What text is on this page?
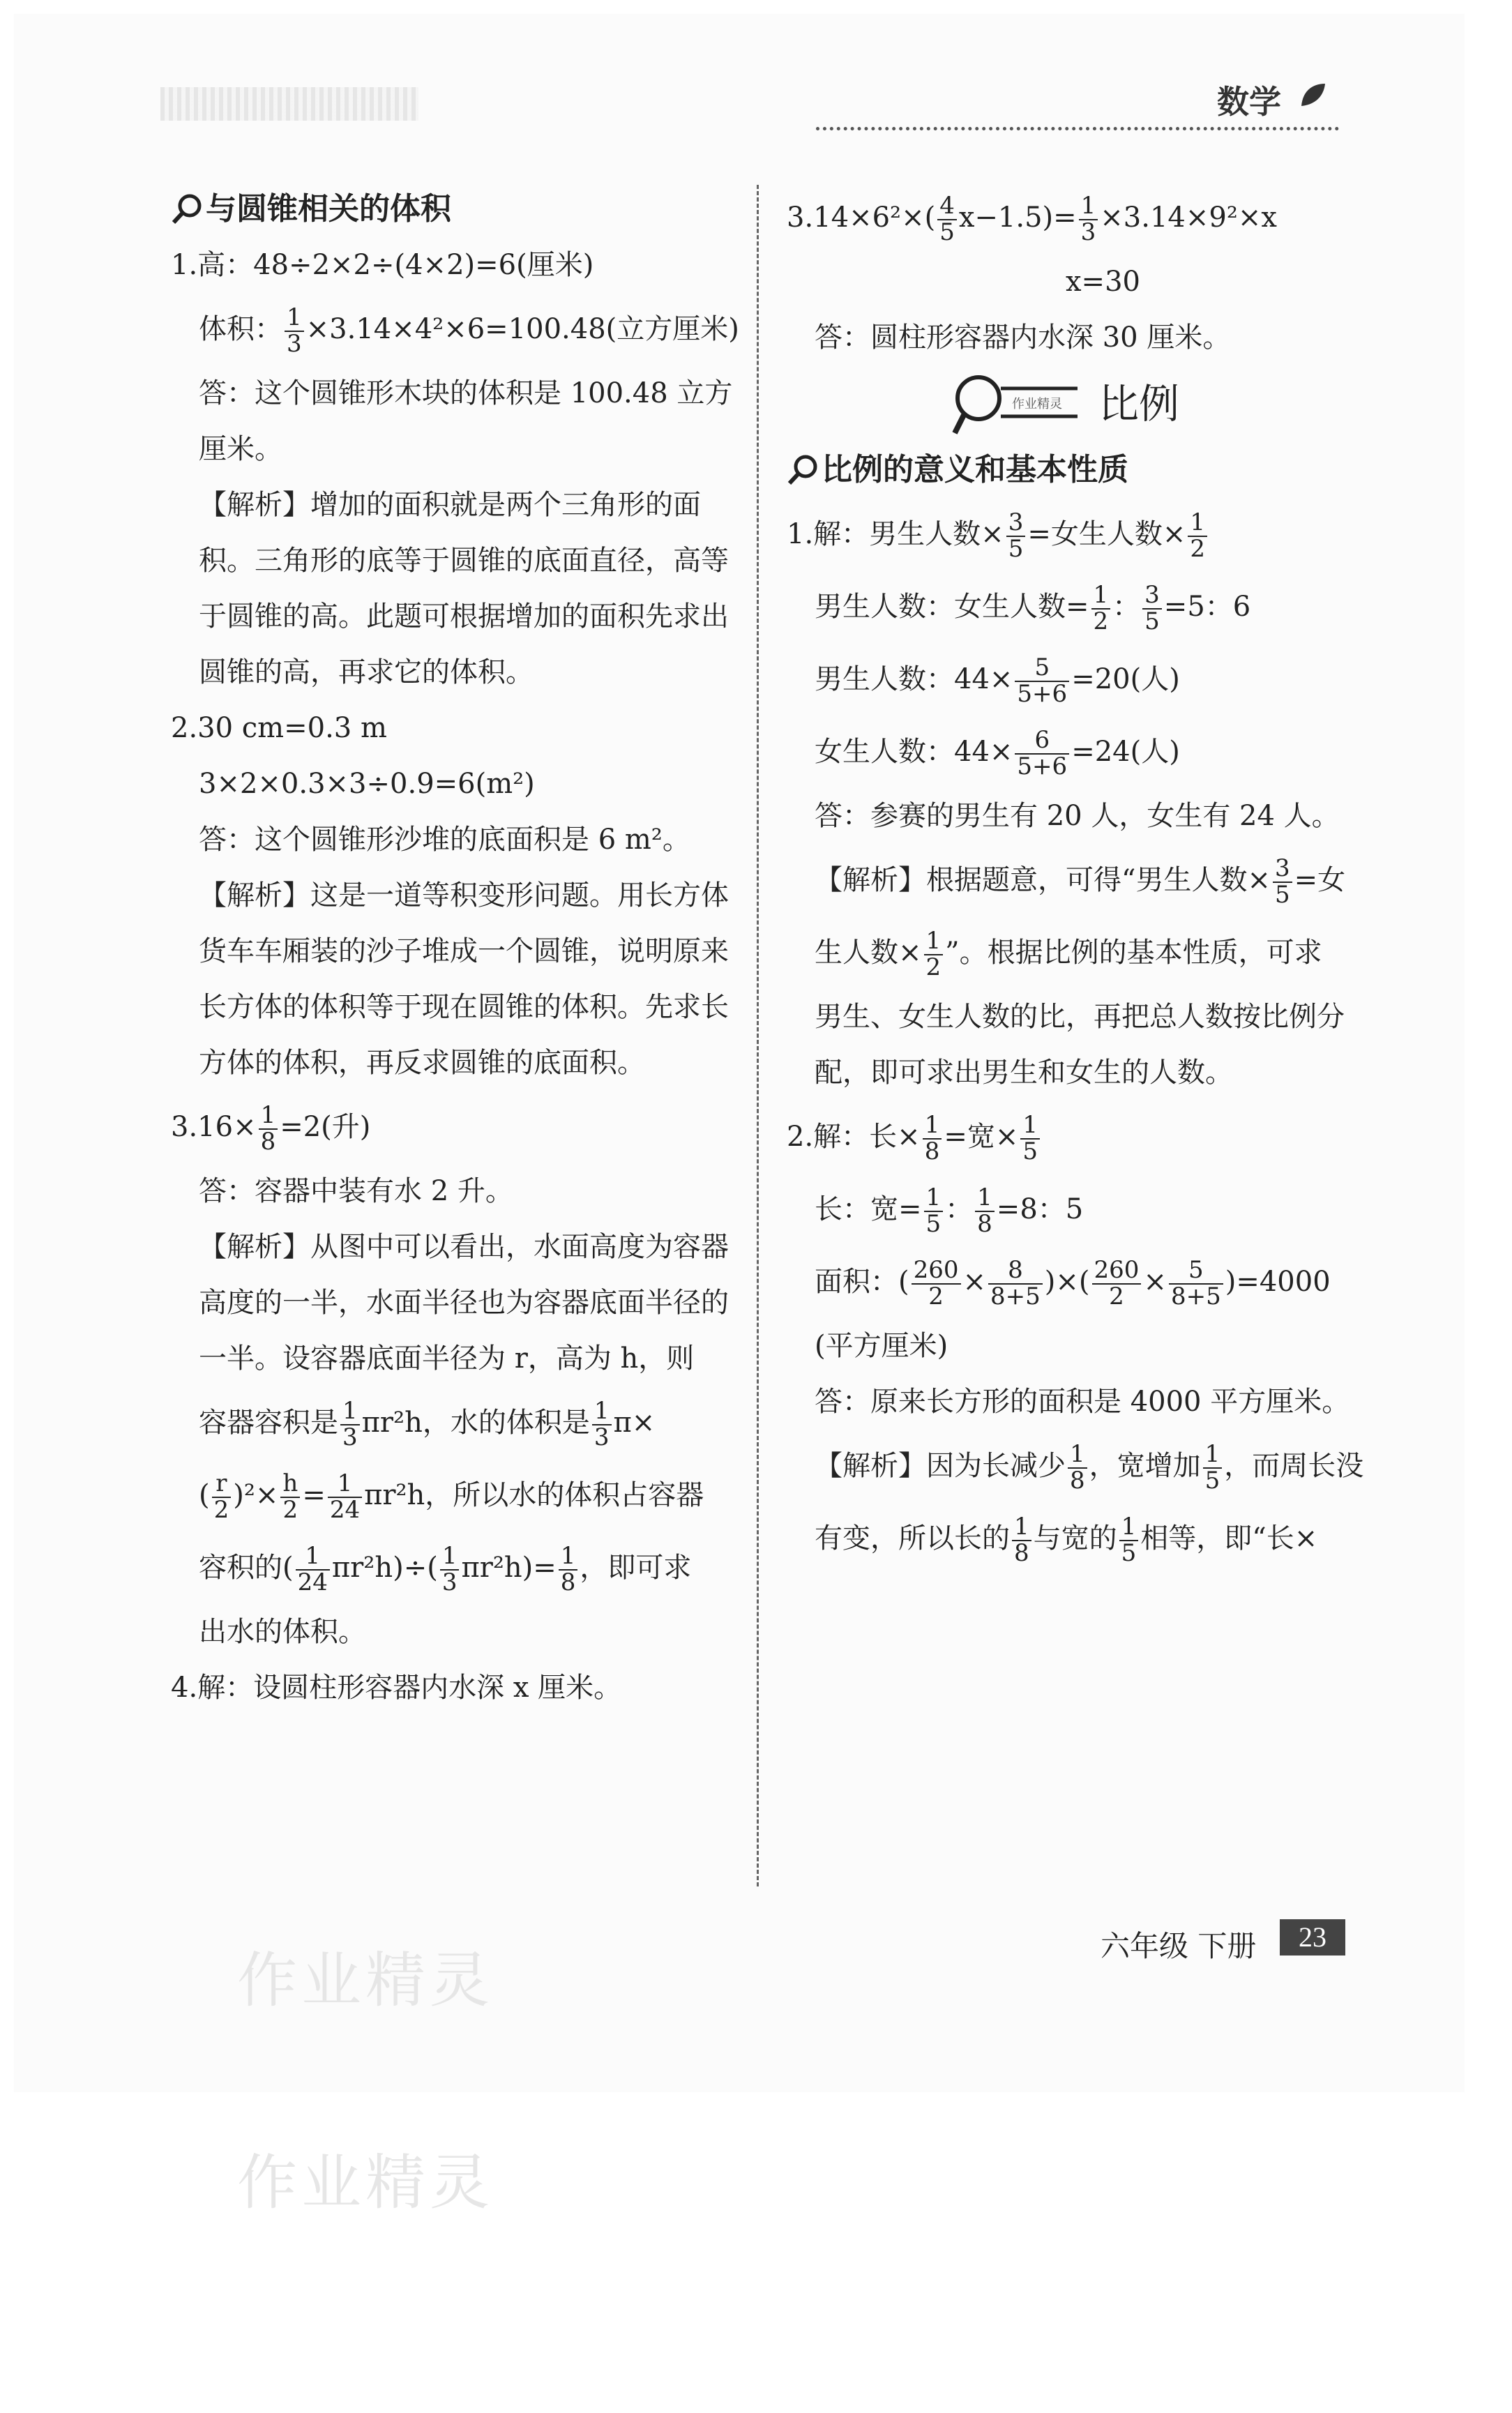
数学
与圆锥相关的体积
1.高：48÷2×2÷(4×2)=6(厘米)
体积： $\frac{1}{3} \times 3.14\times 4^2\times 6=100.48$(立方厘米)
答：这个圆锥形木块的体积是 100.48 立方厘米。
【解析】增加的面积就是两个三角形的面积。三角形的底等于圆锥的底面直径，高等于圆锥的高。此题可根据增加的面积先求出圆锥的高，再求它的体积。
2.30 cm=0.3 m
3×2×0.3×3÷0.9=6(m²)
答：这个圆锥形沙堆的底面积是 6 m²。
【解析】这是一道等积变形问题。用长方体货车车厢装的沙子堆成一个圆锥，说明原来长方体的体积等于现在圆锥的体积。先求长方体的体积，再反求圆锥的底面积。
$3.16\times \frac{1}{8} =2$(升)
答：容器中装有水 2 升。
【解析】从图中可以看出，水面高度为容器高度的一半，水面半径也为容器底面半径的一半。设容器底面半径为 r，高为 h，则
容器容积是 $\frac{1}{3} \pi r^2h$，水的体积是 $\frac{1}{3} \pi\times$
( $\frac{r}{2} )^2\times \frac{h}{2} = \frac{1}{24} \pi r^2h$，所以水的体积占容器
容积的( $\frac{1}{24} \pi r^2h)\div( \frac{1}{3} \pi r^2h)= \frac{1}{8}$ ，即可求
出水的体积。
4.解：设圆柱形容器内水深 x 厘米。
$3.14\times 6^2\times( \frac{4}{5} x-1.5)= \frac{1}{3} \times 3.14\times 9^2\times x$
x=30
答：圆柱形容器内水深 30 厘米。
作业精灵 比例
比例的意义和基本性质
1.解：男生人数× $\frac{3}{5}$ =女生人数× $\frac{1}{2}$
男生人数：女生人数= $\frac{1}{2}$ ： $\frac{3}{5} =5$：6
男生人数：$44\times \frac{5}{5+6} =20$(人)
女生人数：$44\times \frac{6}{5+6} =24$(人)
答：参赛的男生有 20 人，女生有 24 人。
【解析】根据题意，可得“男生人数× $\frac{3}{5}$ =女
生人数× $\frac{1}{2}$ ”。根据比例的基本性质，可求
男生、女生人数的比，再把总人数按比例分配，即可求出男生和女生的人数。
2.解：长× $\frac{1}{8}$ =宽× $\frac{1}{5}$
长：宽= $\frac{1}{5}$ ： $\frac{1}{8} =8$：5
面积：( $\frac{260}{2} \times \frac{8}{8+5}$ )×( $\frac{260}{2} \times \frac{5}{8+5} )=4000$
(平方厘米)
答：原来长方形的面积是 4000 平方厘米。
【解析】因为长减少 $\frac{1}{8}$ ，宽增加 $\frac{1}{5}$ ，而周长没
有变，所以长的 $\frac{1}{8}$ 与宽的 $\frac{1}{5}$ 相等，即“长×
六年级 下册	23
作业精灵
作业精灵
